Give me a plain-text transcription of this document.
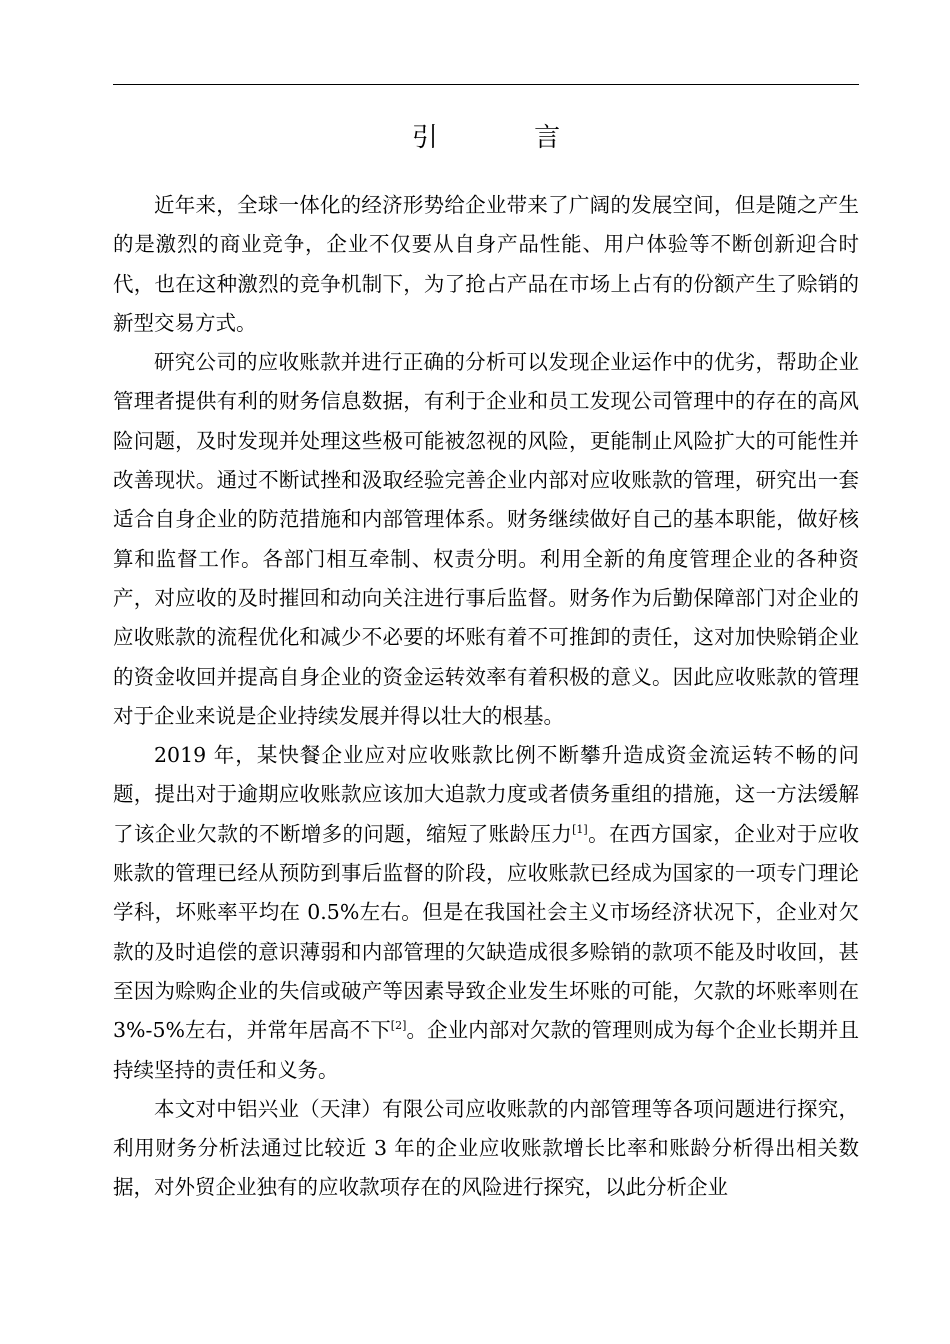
引 言

近年来，全球一体化的经济形势给企业带来了广阔的发展空间，但是随之产生的是激烈的商业竞争，企业不仅要从自身产品性能、用户体验等不断创新迎合时代，也在这种激烈的竞争机制下，为了抢占产品在市场上占有的份额产生了赊销的新型交易方式。

研究公司的应收账款并进行正确的分析可以发现企业运作中的优劣，帮助企业管理者提供有利的财务信息数据，有利于企业和员工发现公司管理中的存在的高风险问题，及时发现并处理这些极可能被忽视的风险，更能制止风险扩大的可能性并改善现状。通过不断试挫和汲取经验完善企业内部对应收账款的管理，研究出一套适合自身企业的防范措施和内部管理体系。财务继续做好自己的基本职能，做好核算和监督工作。各部门相互牵制、权责分明。利用全新的角度管理企业的各种资产，对应收的及时摧回和动向关注进行事后监督。财务作为后勤保障部门对企业的应收账款的流程优化和减少不必要的坏账有着不可推卸的责任，这对加快赊销企业的资金收回并提高自身企业的资金运转效率有着积极的意义。因此应收账款的管理对于企业来说是企业持续发展并得以壮大的根基。

2019 年，某快餐企业应对应收账款比例不断攀升造成资金流运转不畅的问题，提出对于逾期应收账款应该加大追款力度或者债务重组的措施，这一方法缓解了该企业欠款的不断增多的问题，缩短了账龄压力[1]。在西方国家，企业对于应收账款的管理已经从预防到事后监督的阶段，应收账款已经成为国家的一项专门理论学科，坏账率平均在 0.5%左右。但是在我国社会主义市场经济状况下，企业对欠款的及时追偿的意识薄弱和内部管理的欠缺造成很多赊销的款项不能及时收回，甚至因为赊购企业的失信或破产等因素导致企业发生坏账的可能，欠款的坏账率则在 3%-5%左右，并常年居高不下[2]。企业内部对欠款的管理则成为每个企业长期并且持续坚持的责任和义务。

本文对中铝兴业（天津）有限公司应收账款的内部管理等各项问题进行探究，利用财务分析法通过比较近 3 年的企业应收账款增长比率和账龄分析得出相关数据，对外贸企业独有的应收款项存在的风险进行探究，以此分析企业
